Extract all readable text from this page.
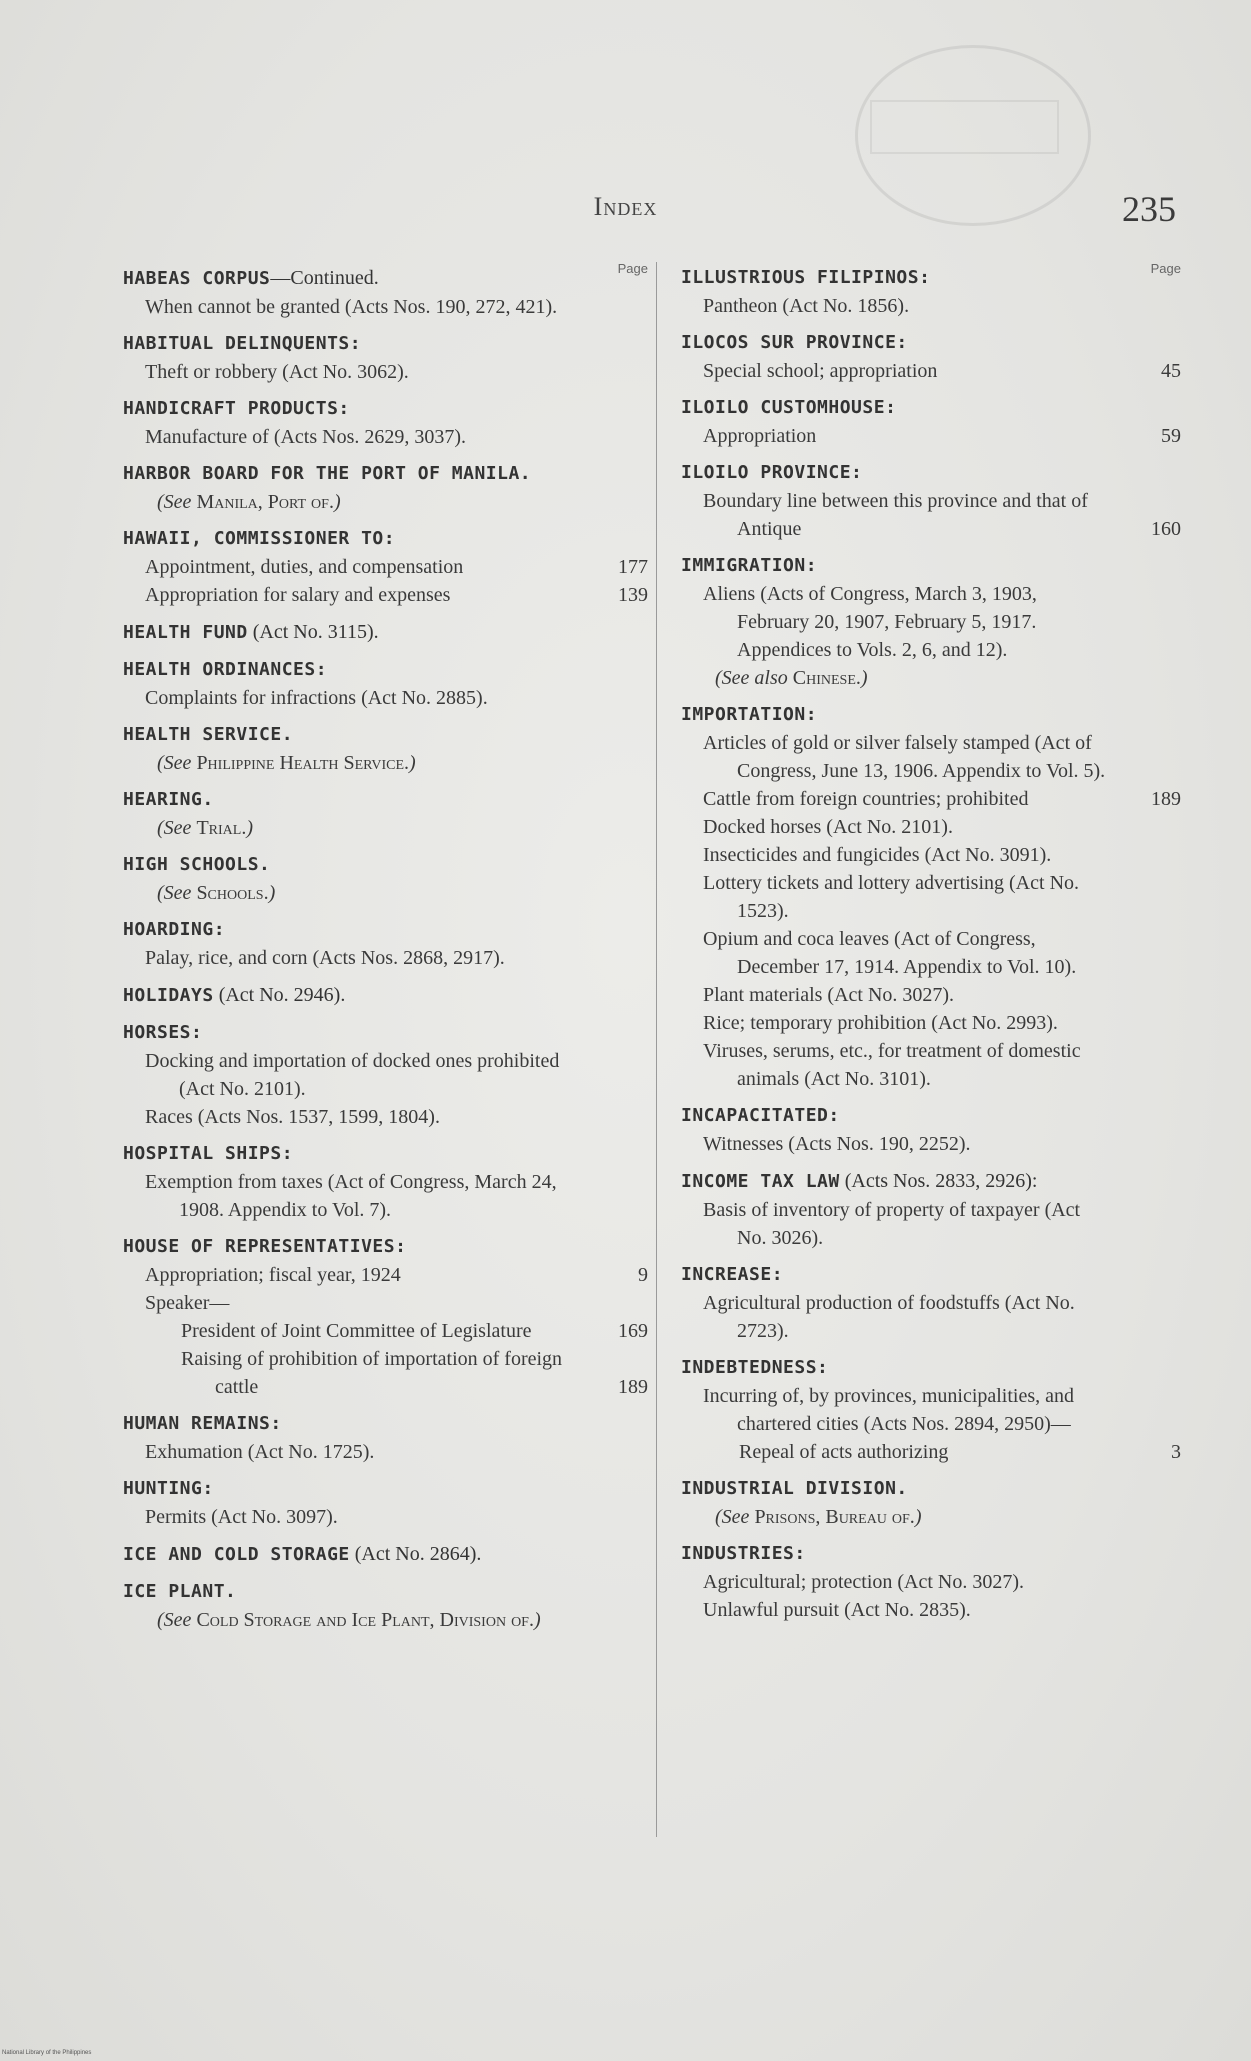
Index	235
Page
HABEAS CORPUS—Continued.
When cannot be granted (Acts Nos. 190, 272, 421).
HABITUAL DELINQUENTS:
Theft or robbery (Act No. 3062).
HANDICRAFT PRODUCTS:
Manufacture of (Acts Nos. 2629, 3037).
HARBOR BOARD FOR THE PORT OF MANILA.
(See Manila, Port of.)
HAWAII, COMMISSIONER TO:
Appointment, duties, and compensation	177
Appropriation for salary and expenses	139
HEALTH FUND (Act No. 3115).
HEALTH ORDINANCES:
Complaints for infractions (Act No. 2885).
HEALTH SERVICE.
(See Philippine Health Service.)
HEARING.
(See Trial.)
HIGH SCHOOLS.
(See Schools.)
HOARDING:
Palay, rice, and corn (Acts Nos. 2868, 2917).
HOLIDAYS (Act No. 2946).
HORSES:
Docking and importation of docked ones prohibited (Act No. 2101).
Races (Acts Nos. 1537, 1599, 1804).
HOSPITAL SHIPS:
Exemption from taxes (Act of Congress, March 24, 1908. Appendix to Vol. 7).
HOUSE OF REPRESENTATIVES:
Appropriation; fiscal year, 1924	9
Speaker—
President of Joint Committee of Legislature	169
Raising of prohibition of importation of foreign cattle	189
HUMAN REMAINS:
Exhumation (Act No. 1725).
HUNTING:
Permits (Act No. 3097).
ICE AND COLD STORAGE (Act No. 2864).
ICE PLANT.
(See Cold Storage and Ice Plant, Division of.)
Page
ILLUSTRIOUS FILIPINOS:
Pantheon (Act No. 1856).
ILOCOS SUR PROVINCE:
Special school; appropriation	45
ILOILO CUSTOMHOUSE:
Appropriation	59
ILOILO PROVINCE:
Boundary line between this province and that of Antique	160
IMMIGRATION:
Aliens (Acts of Congress, March 3, 1903, February 20, 1907, February 5, 1917. Appendices to Vols. 2, 6, and 12).
(See also Chinese.)
IMPORTATION:
Articles of gold or silver falsely stamped (Act of Congress, June 13, 1906. Appendix to Vol. 5).
Cattle from foreign countries; prohibited	189
Docked horses (Act No. 2101).
Insecticides and fungicides (Act No. 3091).
Lottery tickets and lottery advertising (Act No. 1523).
Opium and coca leaves (Act of Congress, December 17, 1914. Appendix to Vol. 10).
Plant materials (Act No. 3027).
Rice; temporary prohibition (Act No. 2993).
Viruses, serums, etc., for treatment of domestic animals (Act No. 3101).
INCAPACITATED:
Witnesses (Acts Nos. 190, 2252).
INCOME TAX LAW (Acts Nos. 2833, 2926):
Basis of inventory of property of taxpayer (Act No. 3026).
INCREASE:
Agricultural production of foodstuffs (Act No. 2723).
INDEBTEDNESS:
Incurring of, by provinces, municipalities, and chartered cities (Acts Nos. 2894, 2950)—
Repeal of acts authorizing	3
INDUSTRIAL DIVISION.
(See Prisons, Bureau of.)
INDUSTRIES:
Agricultural; protection (Act No. 3027).
Unlawful pursuit (Act No. 2835).
National Library of the Philippines
